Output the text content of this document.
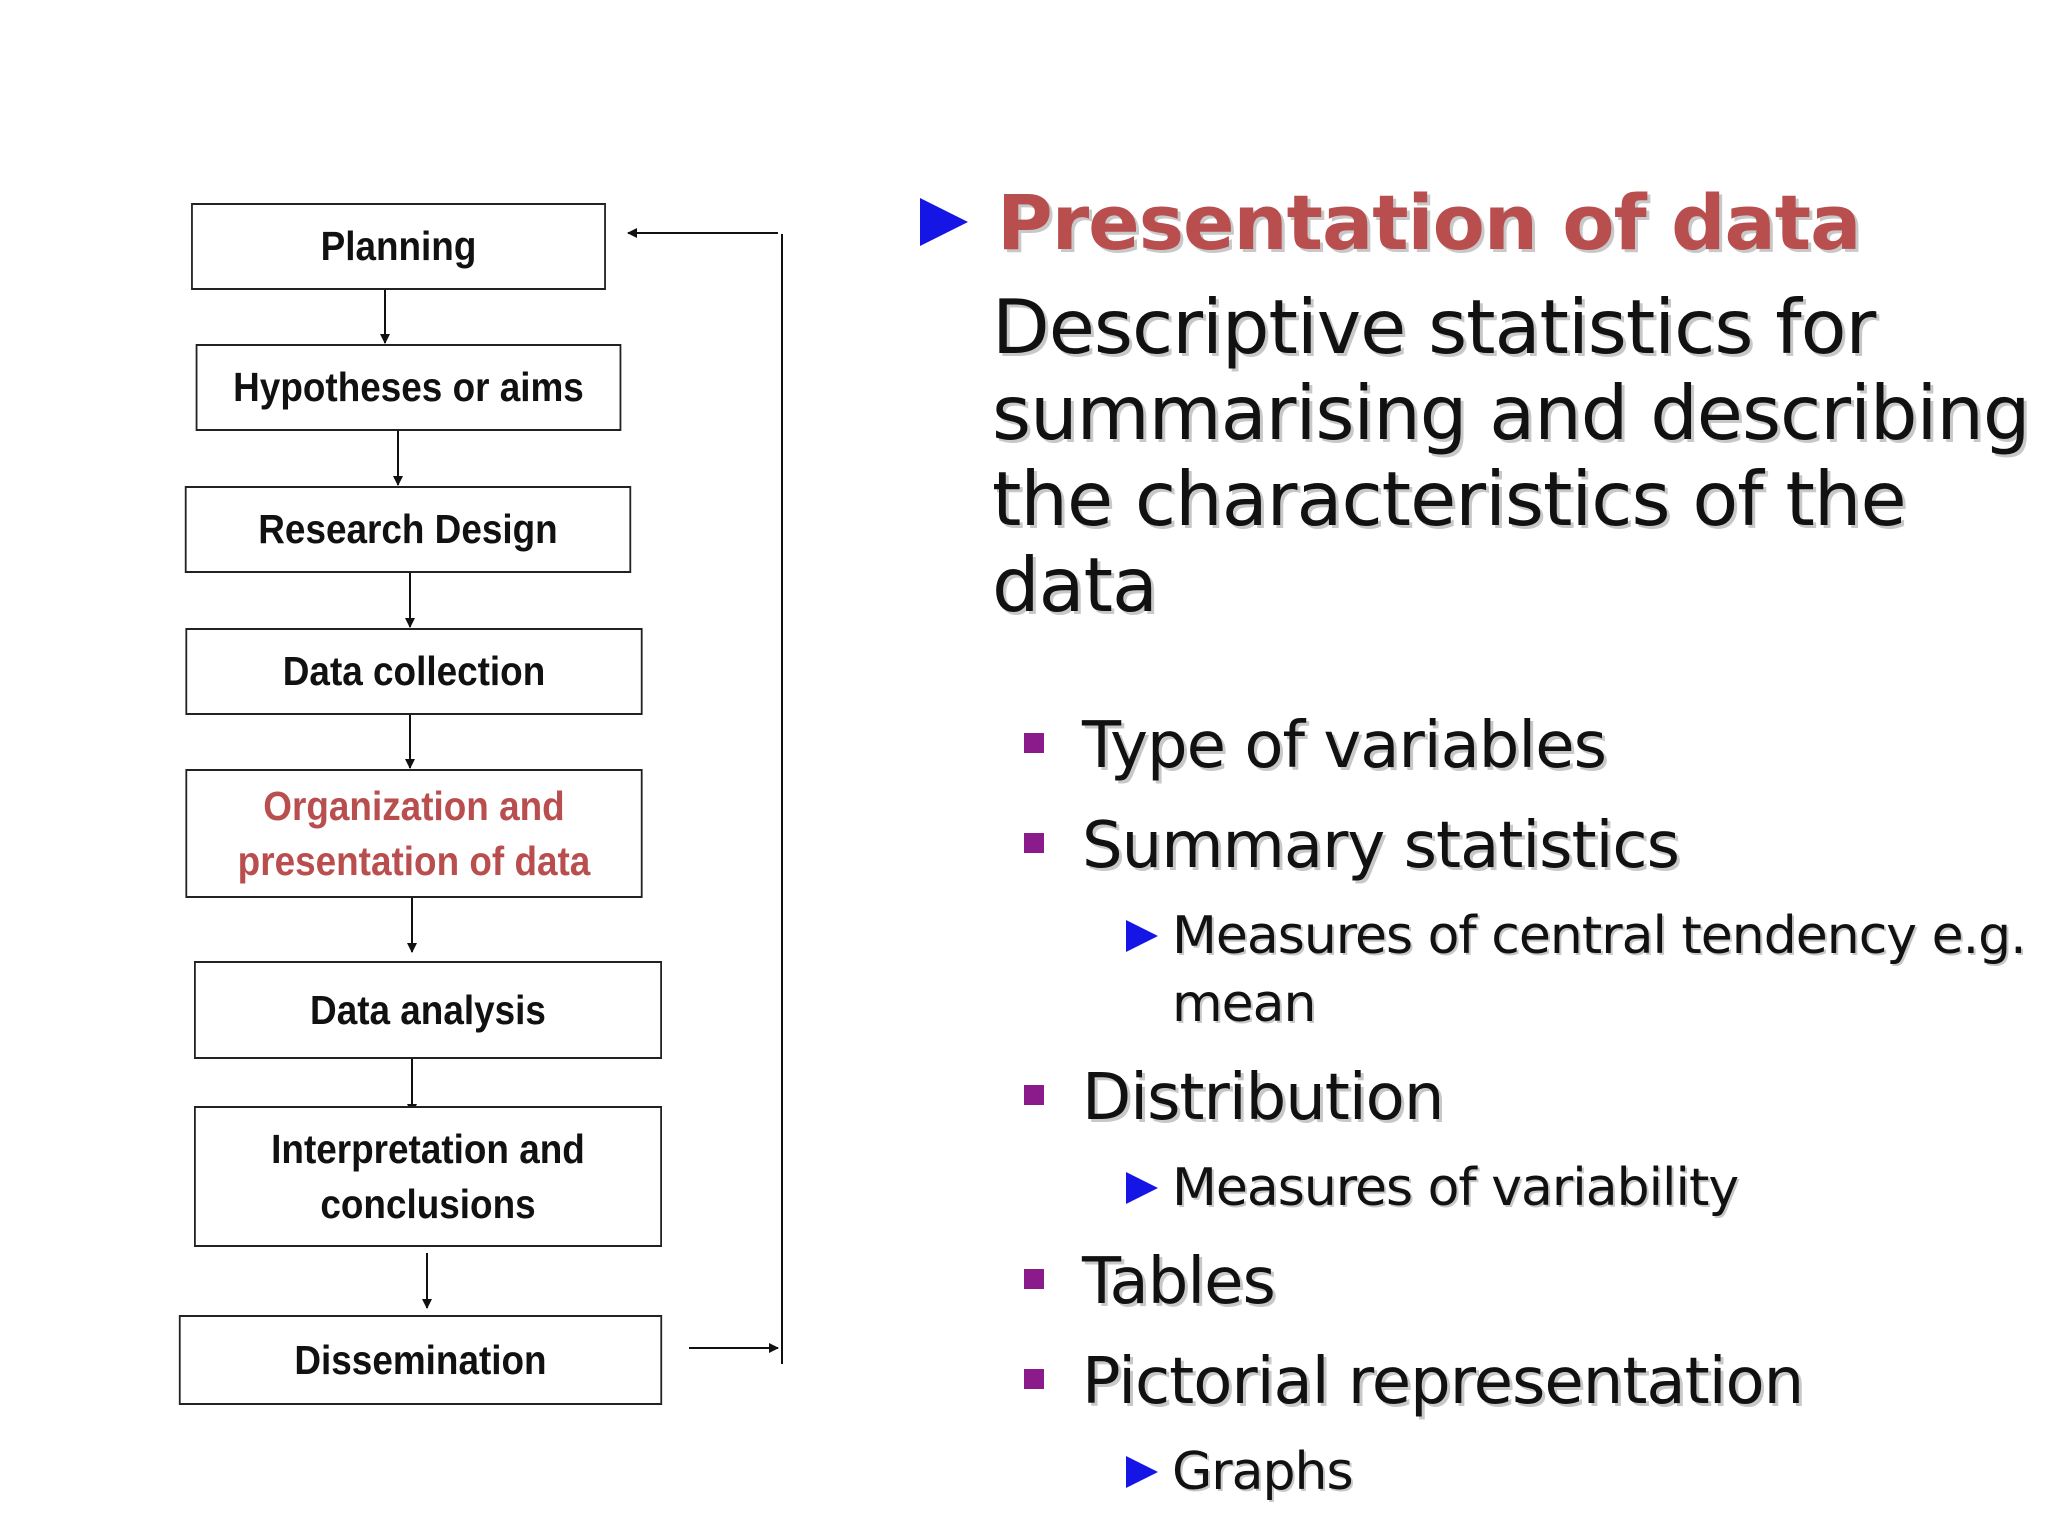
Planning
Hypotheses or aims
Research Design
Data collection
Organization and
presentation of data
Data analysis
Interpretation and
conclusions
Dissemination
Presentation of data
Descriptive statistics for summarising and describing the characteristics of the data
Type of variables
Summary statistics
Measures of central tendency e.g. mean
Distribution
Measures of variability
Tables
Pictorial representation
Graphs
